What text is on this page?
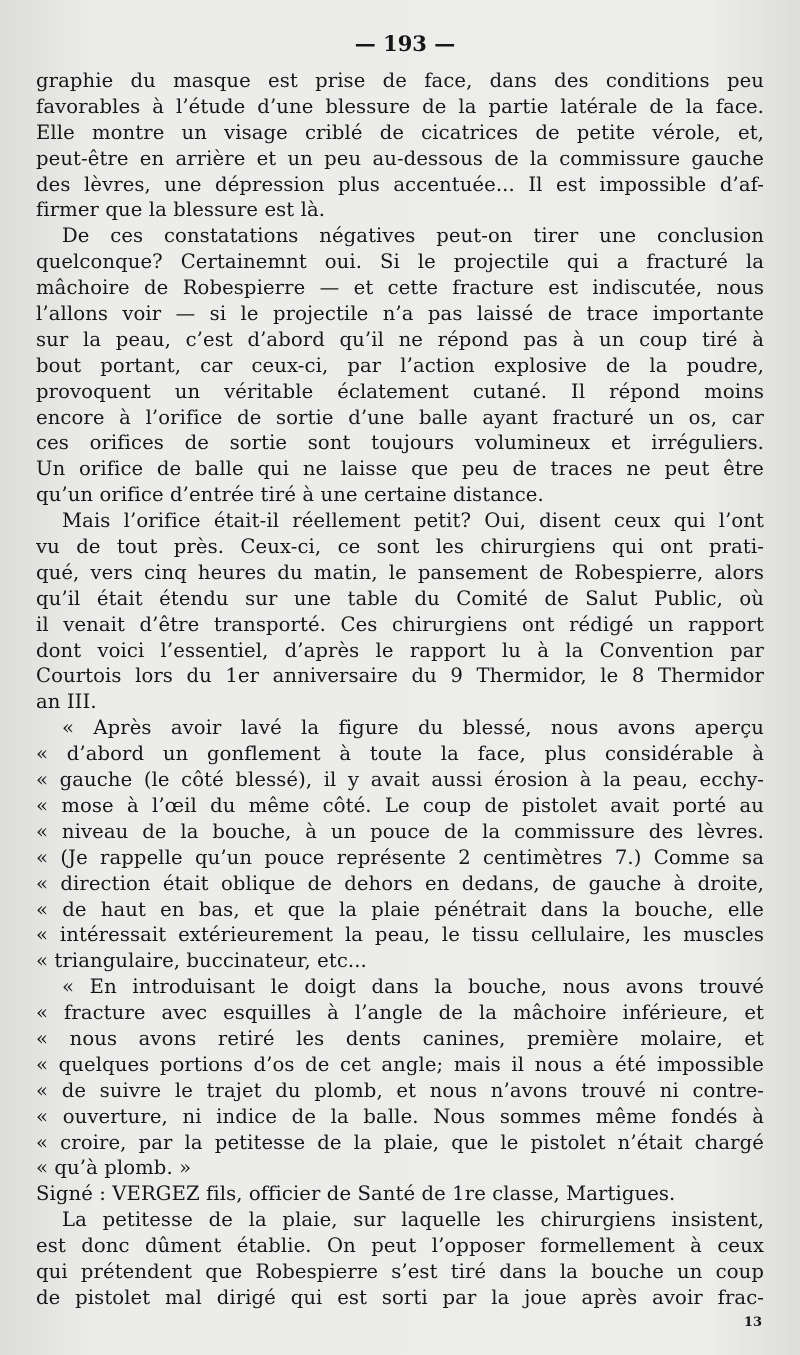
— 193 —
graphie du masque est prise de face, dans des conditions peu
favorables à l’étude d’une blessure de la partie latérale de la face.
Elle montre un visage criblé de cicatrices de petite vérole, et,
peut-être en arrière et un peu au-dessous de la commissure gauche
des lèvres, une dépression plus accentuée... Il est impossible d’af-
firmer que la blessure est là.
De ces constatations négatives peut-on tirer une conclusion
quelconque? Certainemnt oui. Si le projectile qui a fracturé la
mâchoire de Robespierre — et cette fracture est indiscutée, nous
l’allons voir — si le projectile n’a pas laissé de trace importante
sur la peau, c’est d’abord qu’il ne répond pas à un coup tiré à
bout portant, car ceux-ci, par l’action explosive de la poudre,
provoquent un véritable éclatement cutané. Il répond moins
encore à l’orifice de sortie d’une balle ayant fracturé un os, car
ces orifices de sortie sont toujours volumineux et irréguliers.
Un orifice de balle qui ne laisse que peu de traces ne peut être
qu’un orifice d’entrée tiré à une certaine distance.
Mais l’orifice était-il réellement petit? Oui, disent ceux qui l’ont
vu de tout près. Ceux-ci, ce sont les chirurgiens qui ont prati-
qué, vers cinq heures du matin, le pansement de Robespierre, alors
qu’il était étendu sur une table du Comité de Salut Public, où
il venait d’être transporté. Ces chirurgiens ont rédigé un rapport
dont voici l’essentiel, d’après le rapport lu à la Convention par
Courtois lors du 1er anniversaire du 9 Thermidor, le 8 Thermidor
an III.
« Après avoir lavé la figure du blessé, nous avons aperçu
« d’abord un gonflement à toute la face, plus considérable à
« gauche (le côté blessé), il y avait aussi érosion à la peau, ecchy-
« mose à l’œil du même côté. Le coup de pistolet avait porté au
« niveau de la bouche, à un pouce de la commissure des lèvres.
« (Je rappelle qu’un pouce représente 2 centimètres 7.) Comme sa
« direction était oblique de dehors en dedans, de gauche à droite,
« de haut en bas, et que la plaie pénétrait dans la bouche, elle
« intéressait extérieurement la peau, le tissu cellulaire, les muscles
« triangulaire, buccinateur, etc...
« En introduisant le doigt dans la bouche, nous avons trouvé
« fracture avec esquilles à l’angle de la mâchoire inférieure, et
« nous avons retiré les dents canines, première molaire, et
« quelques portions d’os de cet angle; mais il nous a été impossible
« de suivre le trajet du plomb, et nous n’avons trouvé ni contre-
« ouverture, ni indice de la balle. Nous sommes même fondés à
« croire, par la petitesse de la plaie, que le pistolet n’était chargé
« qu’à plomb. »
Signé : VERGEZ fils, officier de Santé de 1re classe, Martigues.
La petitesse de la plaie, sur laquelle les chirurgiens insistent,
est donc dûment établie. On peut l’opposer formellement à ceux
qui prétendent que Robespierre s’est tiré dans la bouche un coup
de pistolet mal dirigé qui est sorti par la joue après avoir frac-
13
